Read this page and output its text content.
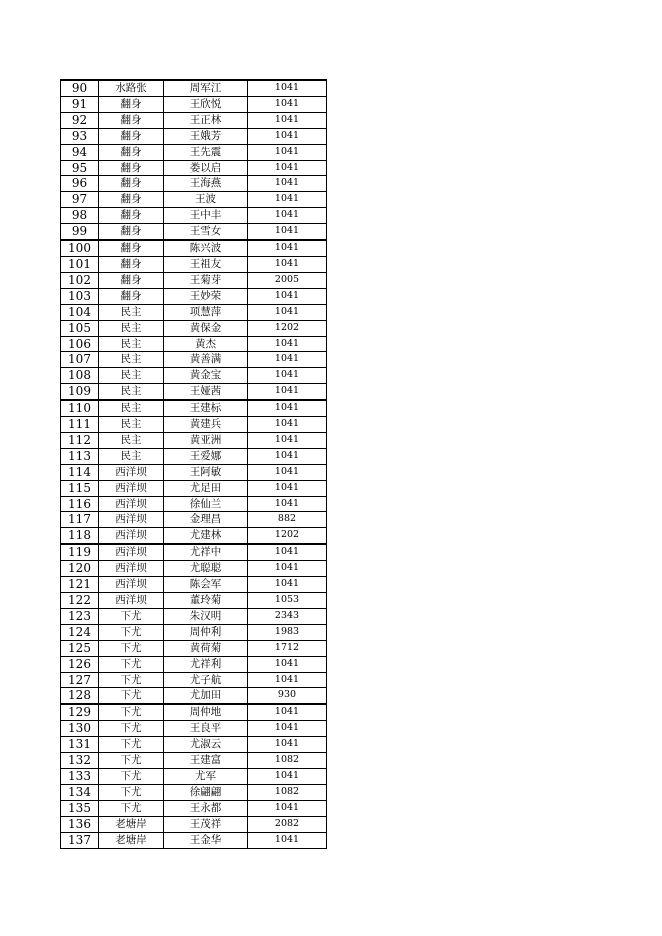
90	水路张	周军江	1041
91	翻身	王欣悦	1041
92	翻身	王正林	1041
93	翻身	王娥芳	1041
94	翻身	王先震	1041
95	翻身	娄以启	1041
96	翻身	王海燕	1041
97	翻身	王波	1041
98	翻身	王中丰	1041
99	翻身	王雪女	1041
100	翻身	陈兴波	1041
101	翻身	王祖友	1041
102	翻身	王菊芽	2005
103	翻身	王妙荣	1041
104	民主	项慧萍	1041
105	民主	黄保金	1202
106	民主	黄杰	1041
107	民主	黄善满	1041
108	民主	黄金宝	1041
109	民主	王娅茜	1041
110	民主	王建标	1041
111	民主	黄建兵	1041
112	民主	黄亚洲	1041
113	民主	王爱娜	1041
114	西洋坝	王阿敏	1041
115	西洋坝	尤足田	1041
116	西洋坝	徐仙兰	1041
117	西洋坝	金理昌	882
118	西洋坝	尤建林	1202
119	西洋坝	尤祥中	1041
120	西洋坝	尤聪聪	1041
121	西洋坝	陈会军	1041
122	西洋坝	董玲菊	1053
123	下尤	朱汉明	2343
124	下尤	周仲利	1983
125	下尤	黄荷菊	1712
126	下尤	尤祥利	1041
127	下尤	尤子航	1041
128	下尤	尤加田	930
129	下尤	周仲地	1041
130	下尤	王良平	1041
131	下尤	尤淑云	1041
132	下尤	王建富	1082
133	下尤	尤军	1041
134	下尤	徐翩翩	1082
135	下尤	王永都	1041
136	老塘岸	王茂祥	2082
137	老塘岸	王金华	1041
